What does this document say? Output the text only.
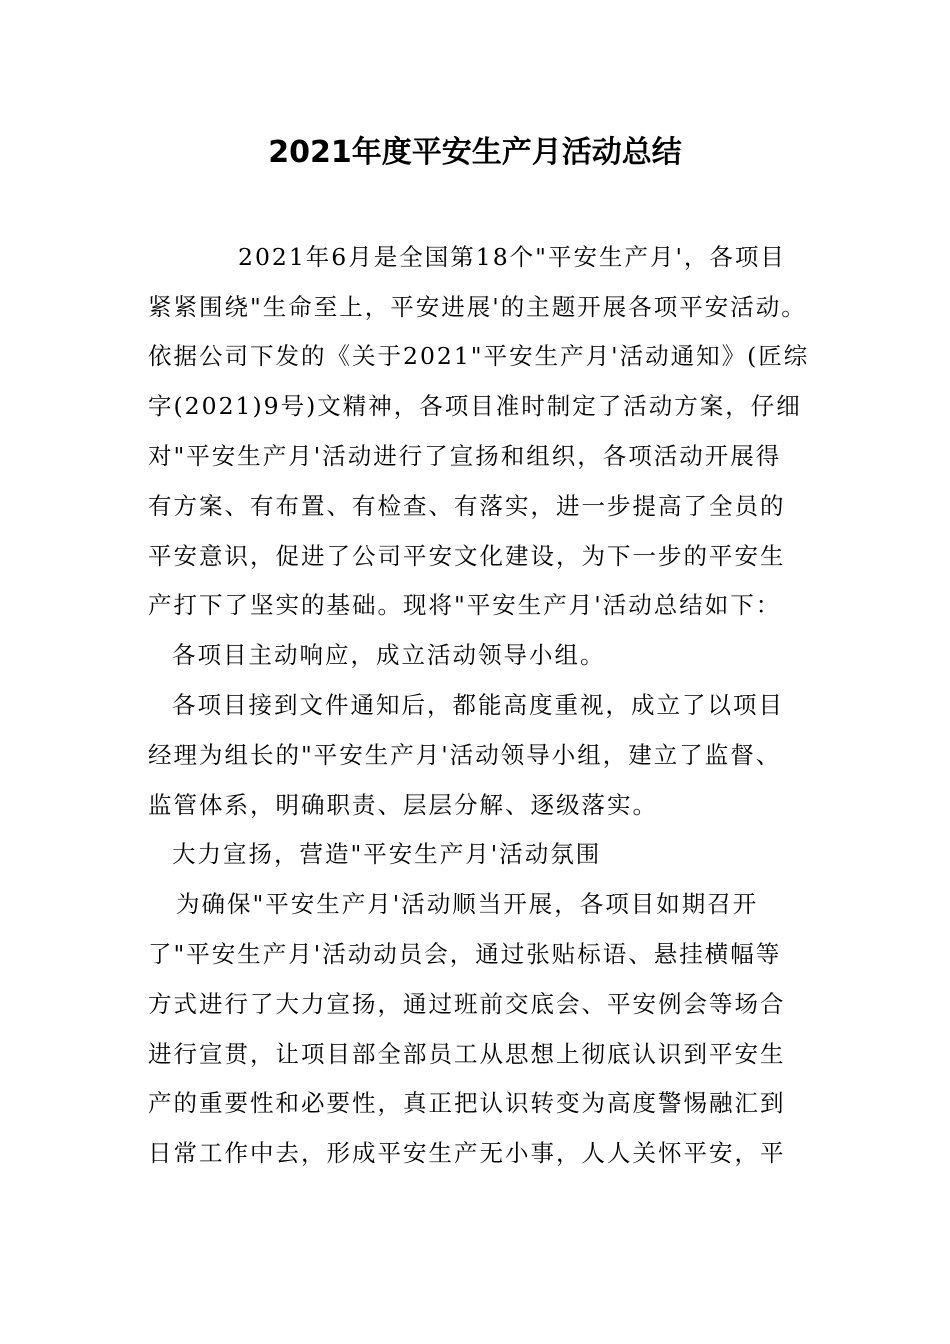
2021年度平安生产月活动总结

2021年6月是全国第18个"平安生产月'，各项目

紧紧围绕"生命至上，平安进展'的主题开展各项平安活动。

依据公司下发的《关于2021"平安生产月'活动通知》(匠综

字(2021)9号)文精神，各项目准时制定了活动方案，仔细

对"平安生产月'活动进行了宣扬和组织，各项活动开展得

有方案、有布置、有检查、有落实，进一步提高了全员的

平安意识，促进了公司平安文化建设，为下一步的平安生

产打下了坚实的基础。现将"平安生产月'活动总结如下：

各项目主动响应，成立活动领导小组。

各项目接到文件通知后，都能高度重视，成立了以项目

经理为组长的"平安生产月'活动领导小组，建立了监督、

监管体系，明确职责、层层分解、逐级落实。

大力宣扬，营造"平安生产月'活动氛围

为确保"平安生产月'活动顺当开展，各项目如期召开

了"平安生产月'活动动员会，通过张贴标语、悬挂横幅等

方式进行了大力宣扬，通过班前交底会、平安例会等场合

进行宣贯，让项目部全部员工从思想上彻底认识到平安生

产的重要性和必要性，真正把认识转变为高度警惕融汇到

日常工作中去，形成平安生产无小事，人人关怀平安，平
